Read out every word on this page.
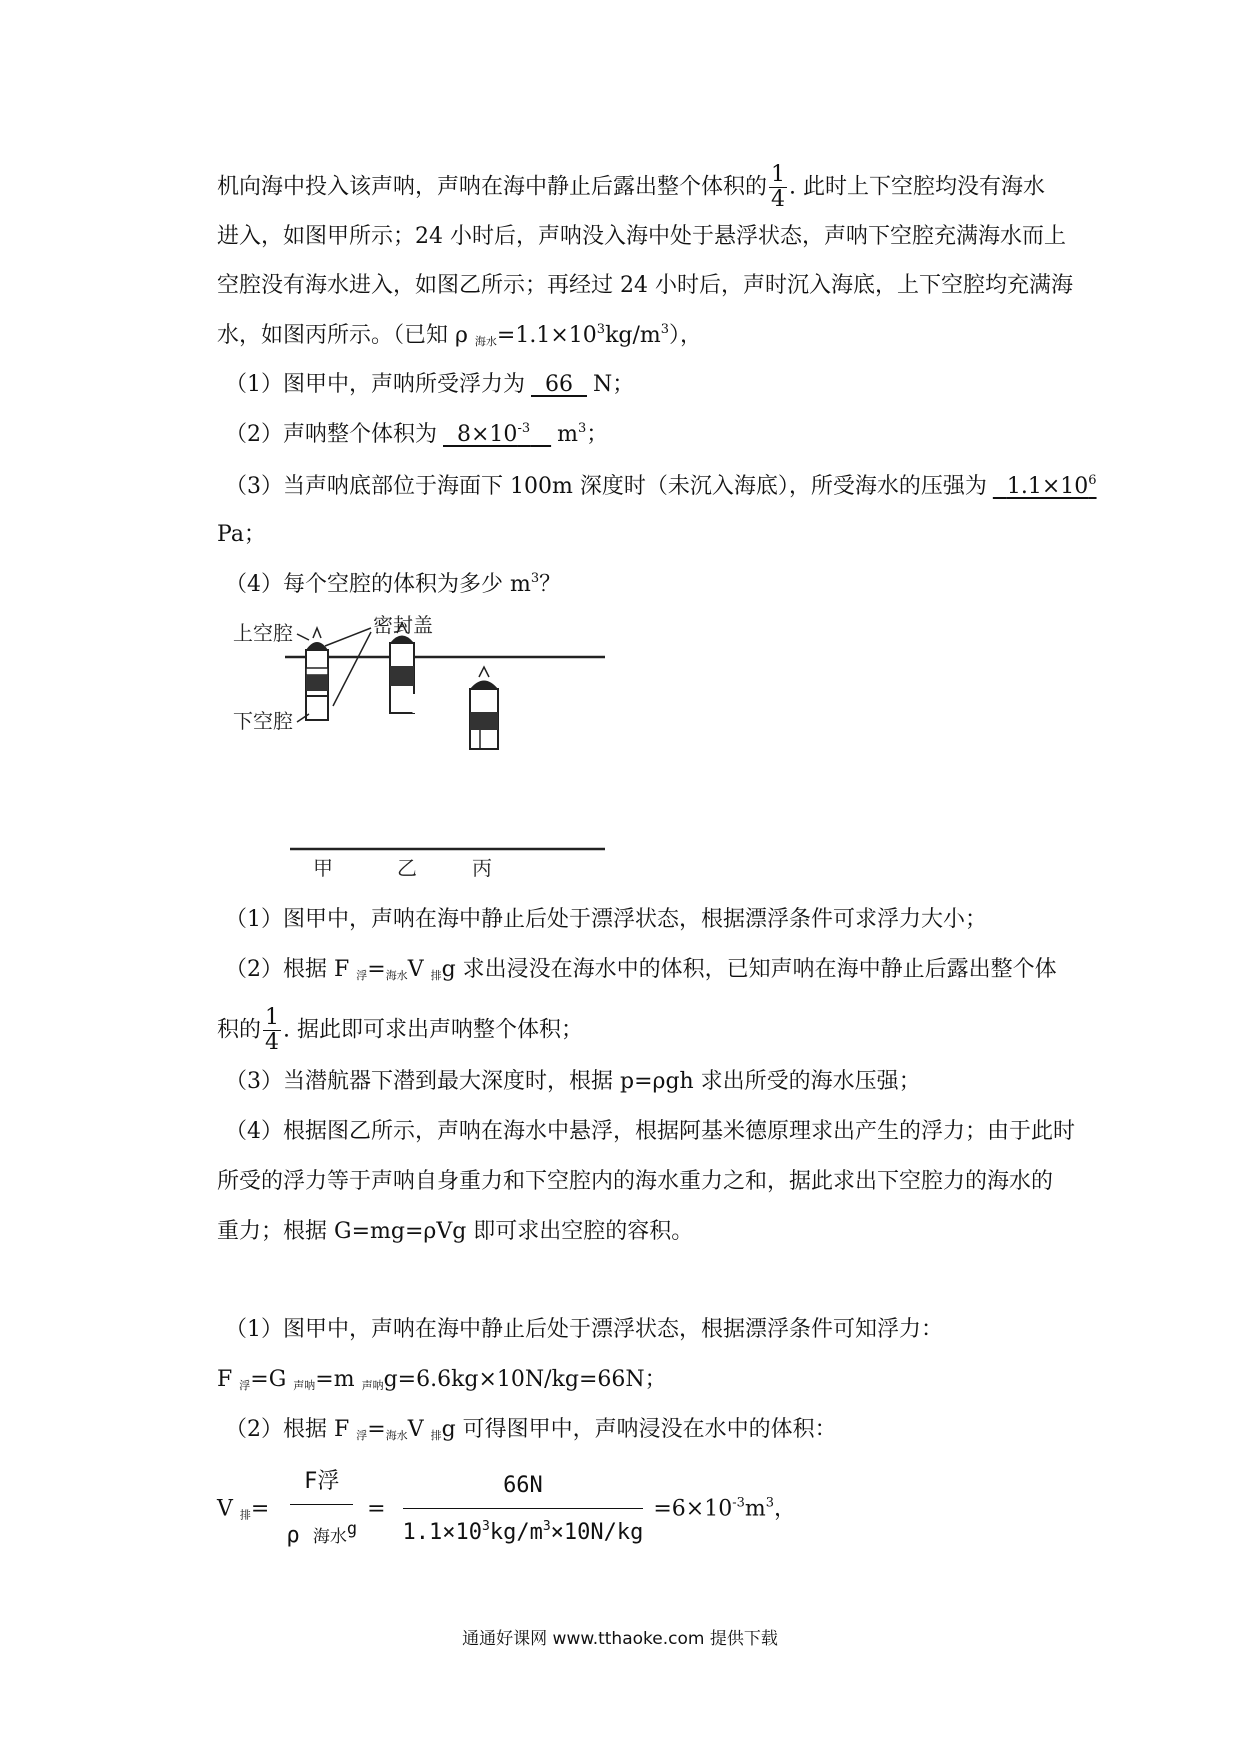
机向海中投入该声呐，声呐在海中静止后露出整个体积的 $\frac{1}{4}$ . 此时上下空腔均没有海水
进入，如图甲所示；24 小时后，声呐没入海中处于悬浮状态，声呐下空腔充满海水而上
空腔没有海水进入，如图乙所示；再经过 24 小时后，声时沉入海底，上下空腔均充满海
水，如图丙所示。（已知 ρ $_{海水}=1.1\times 10^3kg/m^3$），
（1）图甲中，声呐所受浮力为 66 N；
（2）声呐整个体积为 $8\times 10^{-3}$ $m^3$；
（3）当声呐底部位于海面下 100m 深度时（未沉入海底），所受海水的压强为 $1.1\times 10^6$
Pa；
（4）每个空腔的体积为多少 $m^3$？
上空腔
下空腔
密封盖
甲	乙	丙
（1）图甲中，声呐在海中静止后处于漂浮状态，根据漂浮条件可求浮力大小；
（2）根据 F $_浮=_{海水}V$ $_排$g 求出浸没在海水中的体积，已知声呐在海中静止后露出整个体
积的 $\frac{1}{4}$ . 据此即可求出声呐整个体积；
（3）当潜航器下潜到最大深度时，根据 p=ρgh 求出所受的海水压强；
（4）根据图乙所示，声呐在海水中悬浮，根据阿基米德原理求出产生的浮力；由于此时
所受的浮力等于声呐自身重力和下空腔内的海水重力之和，据此求出下空腔力的海水的
重力；根据 G=mg=ρVg 即可求出空腔的容积。
（1）图甲中，声呐在海中静止后处于漂浮状态，根据漂浮条件可知浮力：
F $_浮$=G $_{声呐}$=m $_{声呐}$g=6.6kg×10N/kg=66N；
（2）根据 F $_浮=_{海水}V$ $_排$g 可得图甲中，声呐浸没在水中的体积：
V $_排= \frac{\text{F浮}}{\rho 海水^g} = \frac{66N}{1.1\times 10^3kg/m^3\times 10N/kg} =6\times 10^{-3}m^3$，
通通好课网 www.tthaoke.com 提供下载
